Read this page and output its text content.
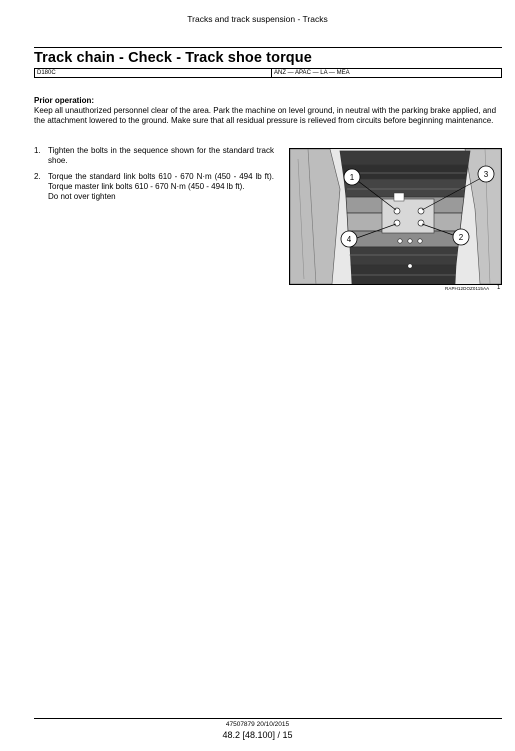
Tracks and track suspension - Tracks
Track chain - Check - Track shoe torque
D180C	ANZ — APAC — LA — MEA
Prior operation:
Keep all unauthorized personnel clear of the area. Park the machine on level ground, in neutral with the parking brake applied, and the attachment lowered to the ground. Make sure that all residual pressure is relieved from circuits before beginning maintenance.
1. Tighten the bolts in the sequence shown for the standard track shoe.
2. Torque the standard link bolts 610 - 670 N·m (450 - 494 lb ft). Torque master link bolts 610 - 670 N·m (450 - 494 lb ft).
Do not over tighten
1	3
4	2
RAPH12DOZ0115AA 1
47507879 20/10/2015
48.2 [48.100] / 15
